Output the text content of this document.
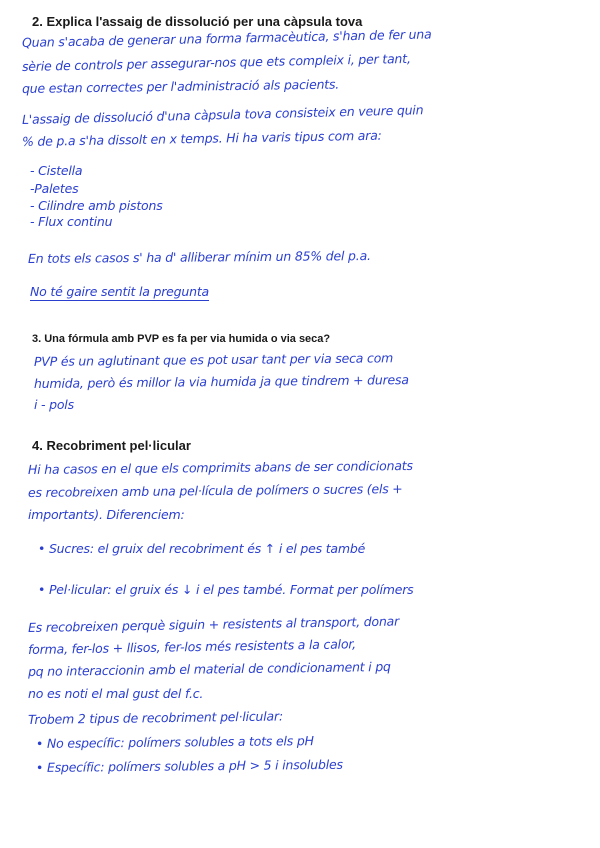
2. Explica l'assaig de dissolució per una càpsula tova

Quan s'acaba de generar una forma farmacèutica, s'han de fer una

sèrie de controls per assegurar-nos que ets compleix i, per tant,

que estan correctes per l'administració als pacients.

L'assaig de dissolució d'una càpsula tova consisteix en veure quin

% de p.a s'ha dissolt en x temps. Hi ha varis tipus com ara:

- Cistella

-Paletes

- Cilindre amb pistons

- Flux continu

En tots els casos s' ha d' alliberar mínim un 85% del p.a.

No té gaire sentit la pregunta

3. Una fórmula amb PVP es fa per via humida o via seca?

PVP és un aglutinant que es pot usar tant per via seca com

humida, però és millor la via humida ja que tindrem + duresa

i - pols

4. Recobriment pel·licular

Hi ha casos en el que els comprimits abans de ser condicionats

es recobreixen amb una pel·lícula de polímers o sucres (els +

importants). Diferenciem:

• Sucres: el gruix del recobriment és ↑ i el pes també

• Pel·licular: el gruix és ↓ i el pes també. Format per polímers

Es recobreixen perquè siguin + resistents al transport, donar

forma, fer-los + llisos, fer-los més resistents a la calor,

pq no interaccionin amb el material de condicionament i pq

no es noti el mal gust del f.c.

Trobem 2 tipus de recobriment pel·licular:

• No específic: polímers solubles a tots els pH

• Específic: polímers solubles a pH > 5 i insolubles
